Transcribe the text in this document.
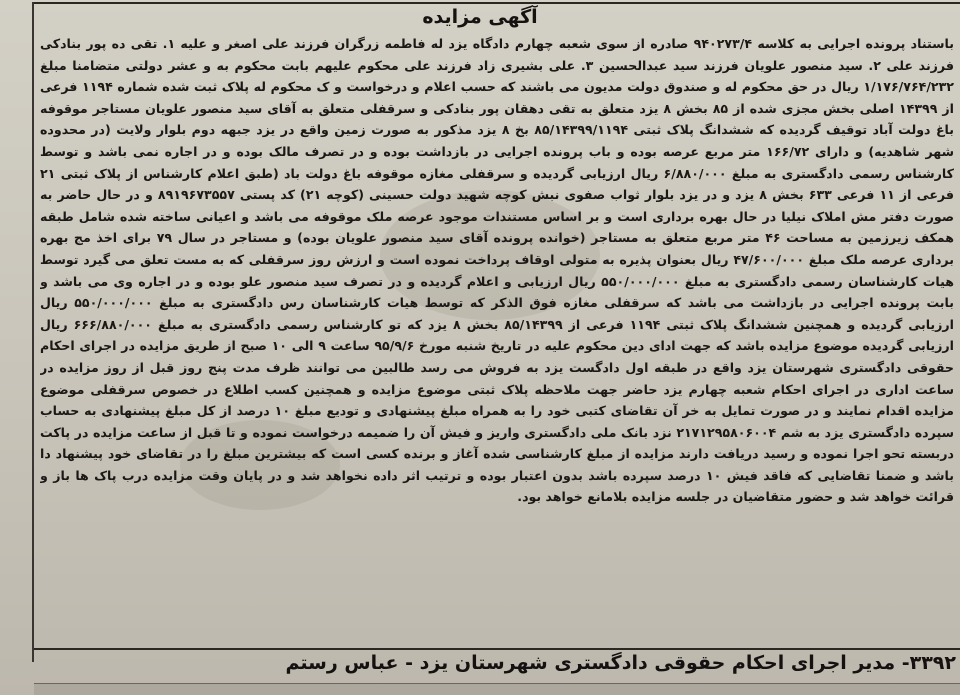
آگهی مزایده
باستناد پرونده اجرایی به کلاسه ۹۴۰۲۷۳/۴ صادره از سوی شعبه چهارم دادگاه یزد له فاطمه زرگران فرزند علی اصغر و علیه ۱. تقی ده پور بنادکی فرزند علی ۲. سید منصور علویان فرزند سید عبدالحسین ۳. علی بشیری زاد فرزند علی محکوم علیهم بابت محکوم به و عشر دولتی متضامنا مبلغ ۱/۱۷۶/۷۶۴/۲۳۲ ریال در حق محکوم له و صندوق دولت مدیون می باشند که حسب اعلام و درخواست و ک محکوم له پلاک ثبت شده شماره ۱۱۹۴ فرعی از ۱۴۳۹۹ اصلی بخش مجزی شده از ۸۵ بخش ۸ یزد متعلق به تقی دهقان پور بنادکی و سرقفلی متعلق به آقای سید منصور علویان مستاجر موقوفه باغ دولت آباد توقیف گردیده که ششدانگ پلاک ثبتی ۸۵/۱۴۳۹۹/۱۱۹۴ بخ ۸ یزد مذکور به صورت زمین واقع در یزد جبهه دوم بلوار ولایت (در محدوده شهر شاهدیه) و دارای ۱۶۶/۷۲ متر مربع عرصه بوده و باب پرونده اجرایی در بازداشت بوده و در تصرف مالک بوده و در اجاره نمی باشد و توسط کارشناس رسمی دادگستری به مبلغ ۶/۸۸۰/۰۰۰ ریال ارزیابی گردیده و سرقفلی مغازه موقوفه باغ دولت باد (طبق اعلام کارشناس از پلاک ثبتی ۲۱ فرعی از ۱۱ فرعی ۶۳۳ بخش ۸ یزد و در یزد بلوار ثواب صفوی نبش کوچه شهید دولت حسینی (کوچه ۲۱) کد پستی ۸۹۱۹۶۷۳۵۵۷ و در حال حاضر به صورت دفتر مش املاک نیلیا در حال بهره برداری است و بر اساس مستندات موجود عرصه ملک موقوفه می باشد و اعیانی ساخته شده شامل طبقه همکف زیرزمین به مساحت ۴۶ متر مربع متعلق به مستاجر (خوانده پرونده آقای سید منصور علویان بوده) و مستاجر در سال ۷۹ برای اخذ مج بهره برداری عرصه ملک مبلغ ۴۷/۶۰۰/۰۰۰ ریال بعنوان پذیره به متولی اوقاف پرداخت نموده است و ارزش روز سرقفلی که به مست تعلق می گیرد توسط هیات کارشناسان رسمی دادگستری به مبلغ ۵۵۰/۰۰۰/۰۰۰ ریال ارزیابی و اعلام گردیده و در تصرف سید منصور علو بوده و در اجاره وی می باشد و بابت پرونده اجرایی در بازداشت می باشد که سرقفلی مغازه فوق الذکر که توسط هیات کارشناسان رس دادگستری به مبلغ ۵۵۰/۰۰۰/۰۰۰ ریال ارزیابی گردیده و همچنین ششدانگ پلاک ثبتی ۱۱۹۴ فرعی از ۸۵/۱۴۳۹۹ بخش ۸ یزد که تو کارشناس رسمی دادگستری به مبلغ ۶۶۶/۸۸۰/۰۰۰ ریال ارزیابی گردیده موضوع مزایده باشد که جهت ادای دین محکوم علیه در تاریخ شنبه مورخ ۹۵/۹/۶ ساعت ۹ الی ۱۰ صبح از طریق مزایده در اجرای احکام حقوقی دادگستری شهرستان یزد واقع در طبقه اول دادگست یزد به فروش می رسد طالبین می توانند ظرف مدت پنج روز قبل از روز مزایده در ساعت اداری در اجرای احکام شعبه چهارم یزد حاضر جهت ملاحظه پلاک ثبتی موضوع مزایده و همچنین کسب اطلاع در خصوص سرقفلی موضوع مزایده اقدام نمایند و در صورت تمایل به خر آن تقاضای کتبی خود را به همراه مبلغ پیشنهادی و تودیع مبلغ ۱۰ درصد از کل مبلغ پیشنهادی به حساب سپرده دادگستری یزد به شم ۲۱۷۱۲۹۵۸۰۶۰۰۴ نزد بانک ملی دادگستری واریز و فیش آن را ضمیمه درخواست نموده و تا قبل از ساعت مزایده در پاکت دربسته تحو اجرا نموده و رسید دریافت دارند مزایده از مبلغ کارشناسی شده آغاز و برنده کسی است که بیشترین مبلغ را در تقاضای خود پیشنهاد دا باشد و ضمنا تقاضایی که فاقد فیش ۱۰ درصد سپرده باشد بدون اعتبار بوده و ترتیب اثر داده نخواهد شد و در پایان وقت مزایده درب پاک ها باز و قرائت خواهد شد و حضور متقاضیان در جلسه مزایده بلامانع خواهد بود.
۳۳۹۲- مدیر اجرای احکام حقوقی دادگستری شهرستان یزد - عباس رستم
